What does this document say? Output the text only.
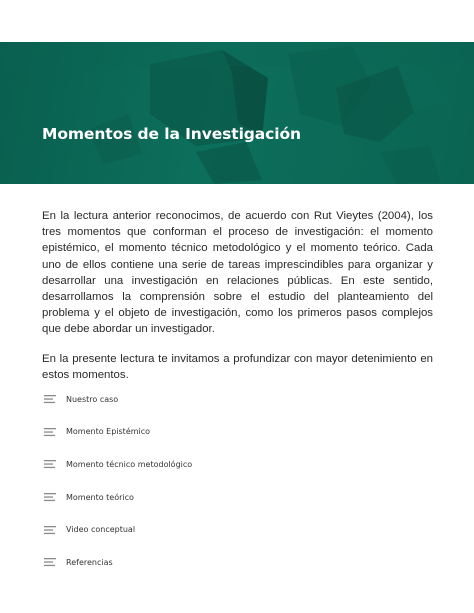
Momentos de la Investigación

En la lectura anterior reconocimos, de acuerdo con Rut Vieytes (2004), los tres momentos que conforman el proceso de investigación: el momento epistémico, el momento técnico metodológico y el momento teórico. Cada uno de ellos contiene una serie de tareas imprescindibles para organizar y desarrollar una investigación en relaciones públicas. En este sentido, desarrollamos la comprensión sobre el estudio del planteamiento del problema y el objeto de investigación, como los primeros pasos complejos que debe abordar un investigador.

En la presente lectura te invitamos a profundizar con mayor detenimiento en estos momentos.

Nuestro caso
Momento Epistémico
Momento técnico metodológico
Momento teórico
Video conceptual
Referencias
